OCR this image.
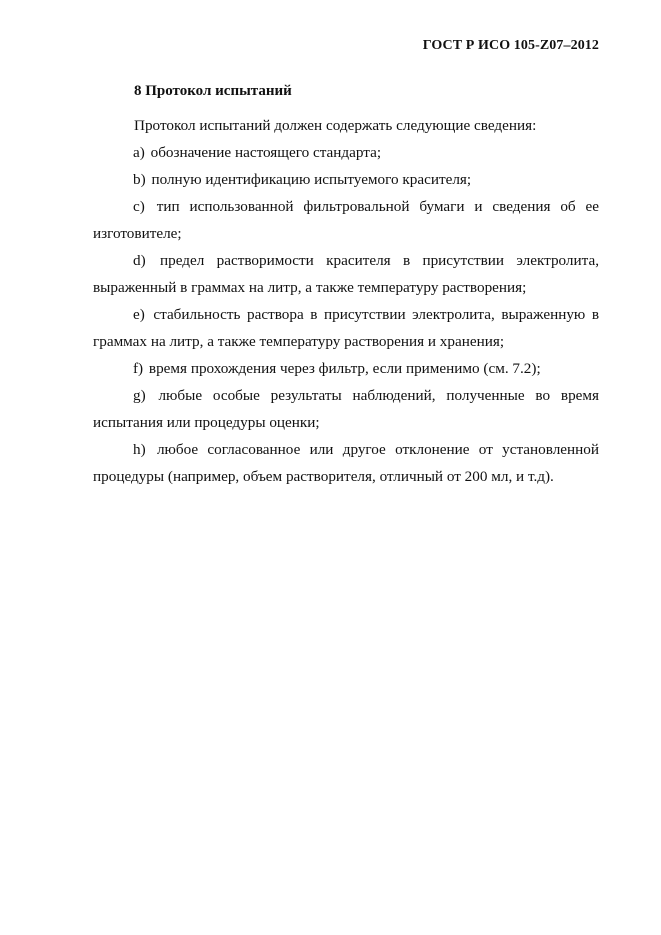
ГОСТ Р ИСО 105-Z07–2012
8 Протокол испытаний

Протокол испытаний должен содержать следующие сведения:

а) обозначение настоящего стандарта;

b) полную идентификацию испытуемого красителя;

с) тип использованной фильтровальной бумаги и сведения об ее изготовителе;

d) предел растворимости красителя в присутствии электролита, выраженный в граммах на литр, а также температуру растворения;

е) стабильность раствора в присутствии электролита, выраженную в граммах на литр, а также температуру растворения и хранения;

f) время прохождения через фильтр, если применимо (см. 7.2);

g) любые особые результаты наблюдений, полученные во время испытания или процедуры оценки;

h) любое согласованное или другое отклонение от установленной процедуры (например, объем растворителя, отличный от 200 мл, и т.д).
